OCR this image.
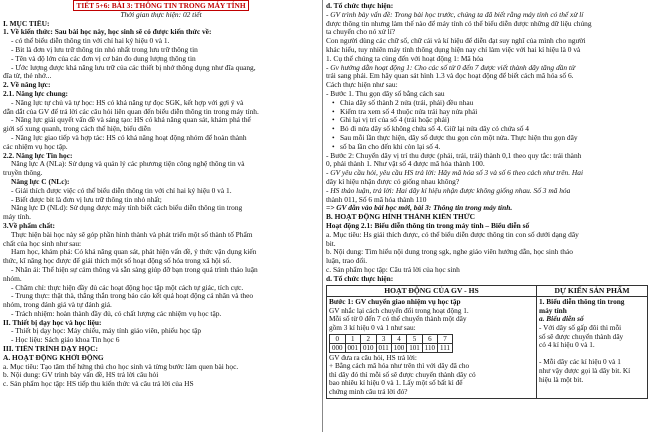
TIẾT 5+6: BÀI 3: THÔNG TIN TRONG MÁY TÍNH
Thời gian thực hiện: 02 tiết
I. MỤC TIÊU:
1. Về kiến thức: Sau bài học này, học sinh sẽ có được kiến thức về:
- có thể biểu diễn thông tin với chỉ hai ký hiệu 0 và 1.
- Bit là đơn vị lưu trữ thông tin nhỏ nhất trong lưu trữ thông tin
- Tên và độ lớn của các đơn vị cơ bản đo dung lượng thông tin
- Ước lượng được khả năng lưu trữ của các thiết bị nhớ thông dụng như đĩa quang,
đĩa từ, thẻ nhớ...
2. Về năng lực:
2.1. Năng lực chung:
- Năng lực tự chủ và tự học: HS có khả năng tự đọc SGK, kết hợp với gợi ý và
dẫn dắt của GV để trả lời các câu hỏi liên quan đến biểu diễn thông tin trong máy tính.
- Năng lực giải quyết vấn đề và sáng tạo: HS có khả năng quan sát, khám phá thế
giới số xung quanh, trong cách thể hiện, biểu diễn
- Năng lực giao tiếp và hợp tác: HS có khả năng hoạt động nhóm để hoàn thành
các nhiệm vụ học tập.
2.2. Năng lực Tin học:
Năng lực A (NLa): Sử dụng và quản lý các phương tiện công nghệ thông tin và
truyền thông.
Năng lực C (NLc):
- Giải thích được việc có thể biểu diễn thông tin với chỉ hai ký hiệu 0 và 1.
- Biết được bit là đơn vị lưu trữ thông tin nhỏ nhất;
Năng lực D (NLd): Sử dụng được máy tính biết cách biểu diễn thông tin trong
máy tính.
3.Về phẩm chất:
Thực hiện bài học này sẽ góp phần hình thành và phát triển một số thành tố Phẩm
chất của học sinh như sau:
Ham học, khám phá: Có khả năng quan sát, phát hiện vấn đề, ý thức vận dụng kiến
thức, kĩ năng học được để giải thích một số hoạt động số hóa trong xã hội số.
- Nhân ái: Thể hiện sự cảm thông và sẵn sàng giúp đỡ bạn trong quá trình thảo luận
nhóm.
- Chăm chỉ: thực hiện đầy đủ các hoạt động học tập một cách tự giác, tích cực.
- Trung thực: thật thà, thẳng thắn trong báo cáo kết quả hoạt động cá nhân và theo
nhóm, trong đánh giá và tự đánh giá.
- Trách nhiệm: hoàn thành đầy đủ, có chất lượng các nhiệm vụ học tập.
II. Thiết bị dạy học và học liệu:
- Thiết bị dạy học: Máy chiếu, máy tính giáo viên, phiếu học tập
- Học liệu: Sách giáo khoa Tin học 6
III. TIẾN TRÌNH DẠY HỌC:
A. HOẠT ĐỘNG KHỞI ĐỘNG
a. Mục tiêu: Tạo tâm thế hứng thú cho học sinh và từng bước làm quen bài học.
b. Nội dung: GV trình bày vấn đề, HS trả lời câu hỏi
c. Sản phẩm học tập: HS tiếp thu kiến thức và câu trả lời của HS
d. Tổ chức thực hiện:
- GV trình bày vấn đề: Trong bài học trước, chúng ta đã biết rằng máy tính có thể xử lí
được thông tin nhưng làm thế nào để máy tính có thể biểu diễn được những dữ liệu chúng
ta chuyển cho nó xử lí?
Con người dùng các chữ số, chữ cái và kí hiệu để diễn đạt suy nghĩ của mình cho người
khác hiểu, tuy nhiên máy tính thông dụng hiện nay chỉ làm việc với hai kí hiệu là 0 và
1. Cụ thể chúng ta cùng đến với hoạt động 1: Mã hóa
- Gv hướng dẫn hoạt động 1: Cho các số từ 0 đến 7 được viết thành dãy tăng dần từ
trái sang phải. Em hãy quan sát hình 1.3 và đọc hoạt động để biết cách mã hóa số 6.
Cách thực hiện như sau:
- Bước 1. Thu gọn dãy số bằng cách sau
• Chia dãy số thành 2 nửa (trái, phải) đều nhau
• Kiểm tra xem số 4 thuộc nửa trái hay nửa phải
• Ghi lại vị trí của số 4 (trái hoặc phải)
• Bỏ đi nửa dãy số không chứa số 4. Giữ lại nửa dãy có chứa số 4
• Sau mỗi lần thực hiện, dãy số được thu gọn còn một nửa. Thực hiện thu gọn dãy
• số ba lần cho đến khi còn lại số 4.
- Bước 2: Chuyển dãy vị trí thu được (phải, trái, trái) thành 0,1 theo quy tắc: trái thành
0, phải thành 1. Như vật số 4 được mã hóa thành 100.
- GV yêu cầu hỏi, yêu cầu HS trả lời: Hãy mã hóa số 3 và số 6 theo cách như trên. Hai
dãy kí hiệu nhận được có giống nhau không?
- HS thảo luận, trả lời: Hai dãy kí hiệu nhận được không giống nhau. Số 3 mã hóa
thành 011, Số 6 mã hóa thành 110
=> GV dẫn vào bài học mới, bài 3: Thông tin trong máy tính.
B. HOẠT ĐỘNG HÌNH THÀNH KIẾN THỨC
Hoạt động 2.1: Biểu diễn thông tin trong máy tính – Biểu diễn số
a. Mục tiêu: Hs giải thích được, có thể biểu diễn được thông tin con số dưới dạng dãy
bit.
b. Nội dung: Tìm hiểu nội dung trong sgk, nghe giáo viên hướng dẫn, học sinh thảo
luận, trao đổi.
c. Sản phẩm học tập: Câu trả lời của học sinh
d. Tổ chức thực hiện:
HOẠT ĐỘNG CỦA GV - HS	DỰ KIẾN SẢN PHẨM

Bước 1: GV chuyển giao nhiệm vụ học tập
GV nhắc lại cách chuyển đổi trong hoạt động 1.
Mỗi số từ 0 đến 7 có thể chuyển thành một dãy
gồm 3 kí hiệu 0 và 1 như sau:
0	1	2	3	4	5	6	7
000	001	010	011	100	101	110	111
GV đưa ra câu hỏi, HS trả lời:
+ Bằng cách mã hóa như trên thì với dãy đã cho
thì dãy đó thì mỗi số sẽ được chuyển thành dãy có
bao nhiêu kí hiệu 0 và 1. Lấy một số bất kì để
chứng minh câu trả lời đó?

1. Biểu diễn thông tin trong
máy tính
a. Biểu diễn số
- Với dãy số gấp đôi thì mỗi
số sẽ được chuyển thành dãy
có 4 kí hiệu 0 và 1.

- Mỗi dãy các kí hiệu 0 và 1
như vậy được gọi là dãy bit. Kí
hiệu là một bit.
